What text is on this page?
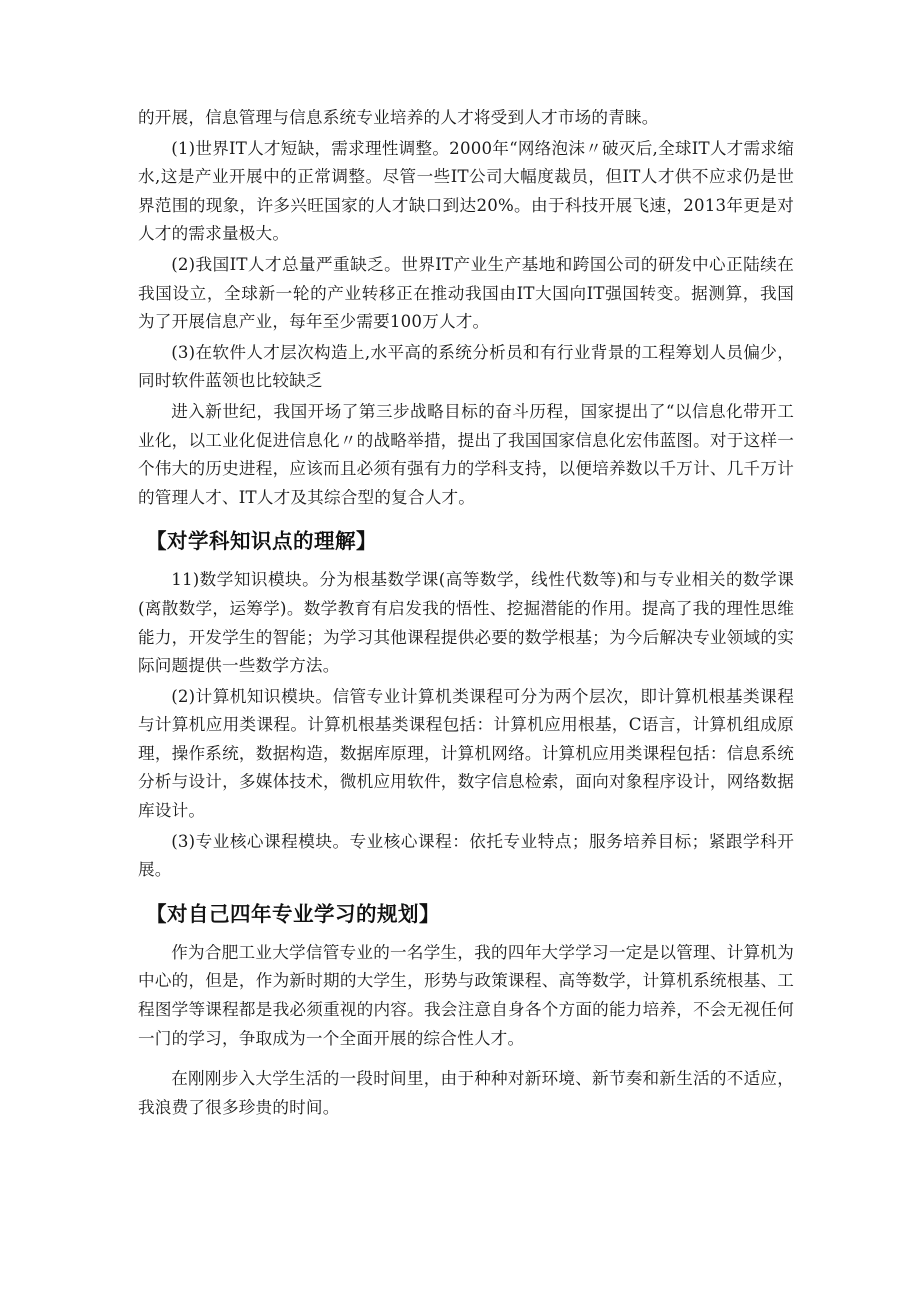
的开展，信息管理与信息系统专业培养的人才将受到人才市场的青睐。

(1)世界IT人才短缺，需求理性调整。2000年“网络泡沫〃破灭后,全球IT人才需求缩水,这是产业开展中的正常调整。尽管一些IT公司大幅度裁员，但IT人才供不应求仍是世界范围的现象，许多兴旺国家的人才缺口到达20%。由于科技开展飞速，2013年更是对人才的需求量极大。

(2)我国IT人才总量严重缺乏。世界IT产业生产基地和跨国公司的研发中心正陆续在我国设立，全球新一轮的产业转移正在推动我国由IT大国向IT强国转变。据测算，我国为了开展信息产业，每年至少需要100万人才。

(3)在软件人才层次构造上,水平高的系统分析员和有行业背景的工程筹划人员偏少，同时软件蓝领也比较缺乏

进入新世纪，我国开场了第三步战略目标的奋斗历程，国家提出了“以信息化带开工业化，以工业化促进信息化〃的战略举措，提出了我国国家信息化宏伟蓝图。对于这样一个伟大的历史进程，应该而且必须有强有力的学科支持，以便培养数以千万计、几千万计的管理人才、IT人才及其综合型的复合人才。

【对学科知识点的理解】

11)数学知识模块。分为根基数学课(高等数学，线性代数等)和与专业相关的数学课(离散数学，运筹学)。数学教育有启发我的悟性、挖掘潜能的作用。提高了我的理性思维能力，开发学生的智能；为学习其他课程提供必要的数学根基；为今后解决专业领域的实际问题提供一些数学方法。

(2)计算机知识模块。信管专业计算机类课程可分为两个层次，即计算机根基类课程与计算机应用类课程。计算机根基类课程包括：计算机应用根基，C语言，计算机组成原理，操作系统，数据构造，数据库原理，计算机网络。计算机应用类课程包括：信息系统分析与设计，多媒体技术，微机应用软件，数字信息检索，面向对象程序设计，网络数据库设计。

(3)专业核心课程模块。专业核心课程：依托专业特点；服务培养目标；紧跟学科开展。

【对自己四年专业学习的规划】

作为合肥工业大学信管专业的一名学生，我的四年大学学习一定是以管理、计算机为中心的，但是，作为新时期的大学生，形势与政策课程、高等数学，计算机系统根基、工程图学等课程都是我必须重视的内容。我会注意自身各个方面的能力培养，不会无视任何一门的学习，争取成为一个全面开展的综合性人才。

在刚刚步入大学生活的一段时间里，由于种种对新环境、新节奏和新生活的不适应，我浪费了很多珍贵的时间。
